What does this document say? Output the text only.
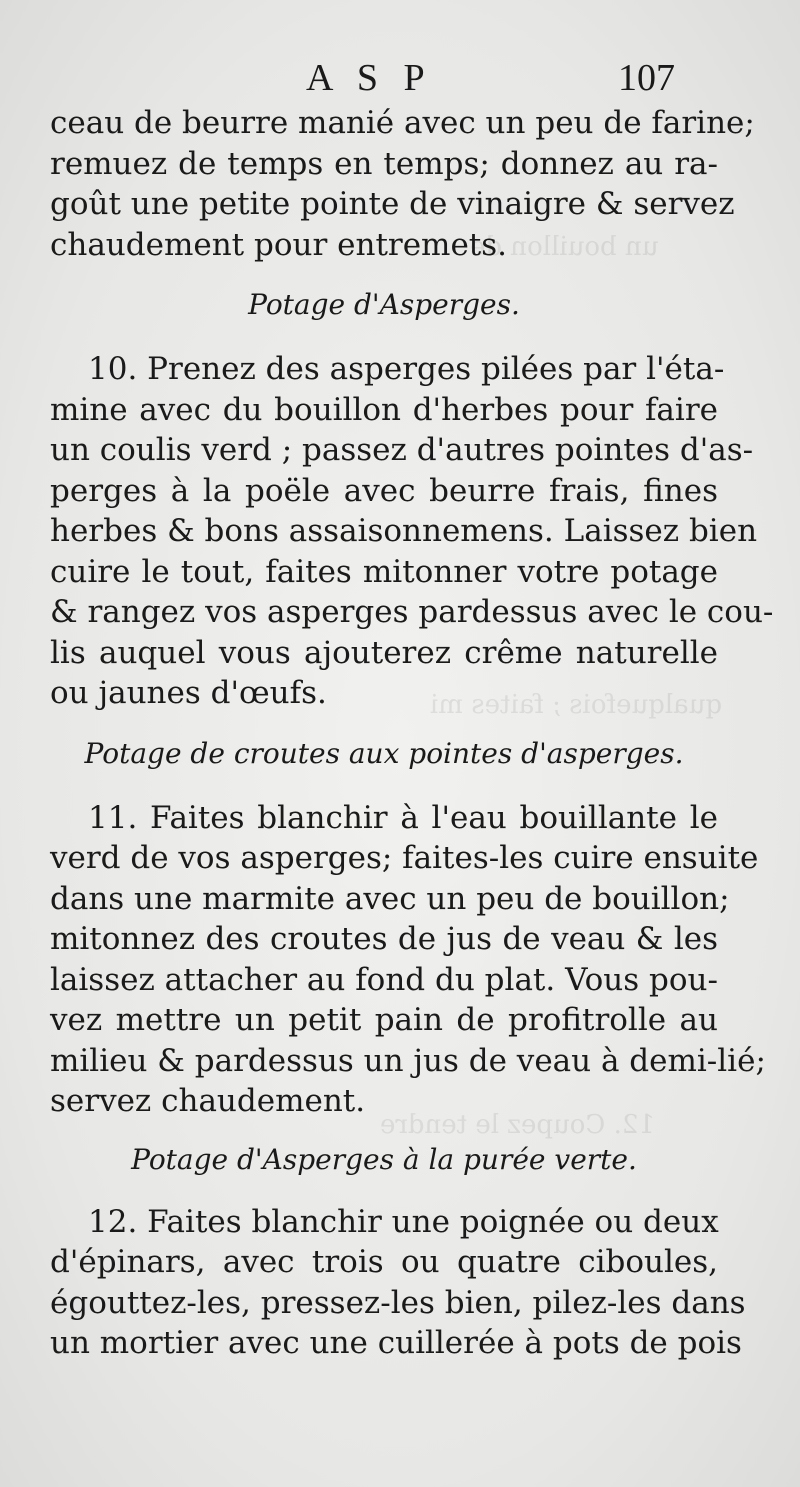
un bouillon de
qualquefois ; faites mi
12. Coupez le tendre
A S P	107
ceau de beurre manié avec un peu de farine;
remuez de temps en temps; donnez au ra-
goût une petite pointe de vinaigre & servez
chaudement pour entremets.
Potage d'Asperges.
10. Prenez des asperges pilées par l'éta-
mine avec du bouillon d'herbes pour faire
un coulis verd ; passez d'autres pointes d'as-
perges à la poële avec beurre frais, fines
herbes & bons assaisonnemens. Laissez bien
cuire le tout, faites mitonner votre potage
& rangez vos asperges pardessus avec le cou-
lis auquel vous ajouterez crême naturelle
ou jaunes d'œufs.
Potage de croutes aux pointes d'asperges.
11. Faites blanchir à l'eau bouillante le
verd de vos asperges; faites-les cuire ensuite
dans une marmite avec un peu de bouillon;
mitonnez des croutes de jus de veau & les
laissez attacher au fond du plat. Vous pou-
vez mettre un petit pain de profitrolle au
milieu & pardessus un jus de veau à demi-lié;
servez chaudement.
Potage d'Asperges à la purée verte.
12. Faites blanchir une poignée ou deux
d'épinars, avec trois ou quatre ciboules,
égouttez-les, pressez-les bien, pilez-les dans
un mortier avec une cuillerée à pots de pois
